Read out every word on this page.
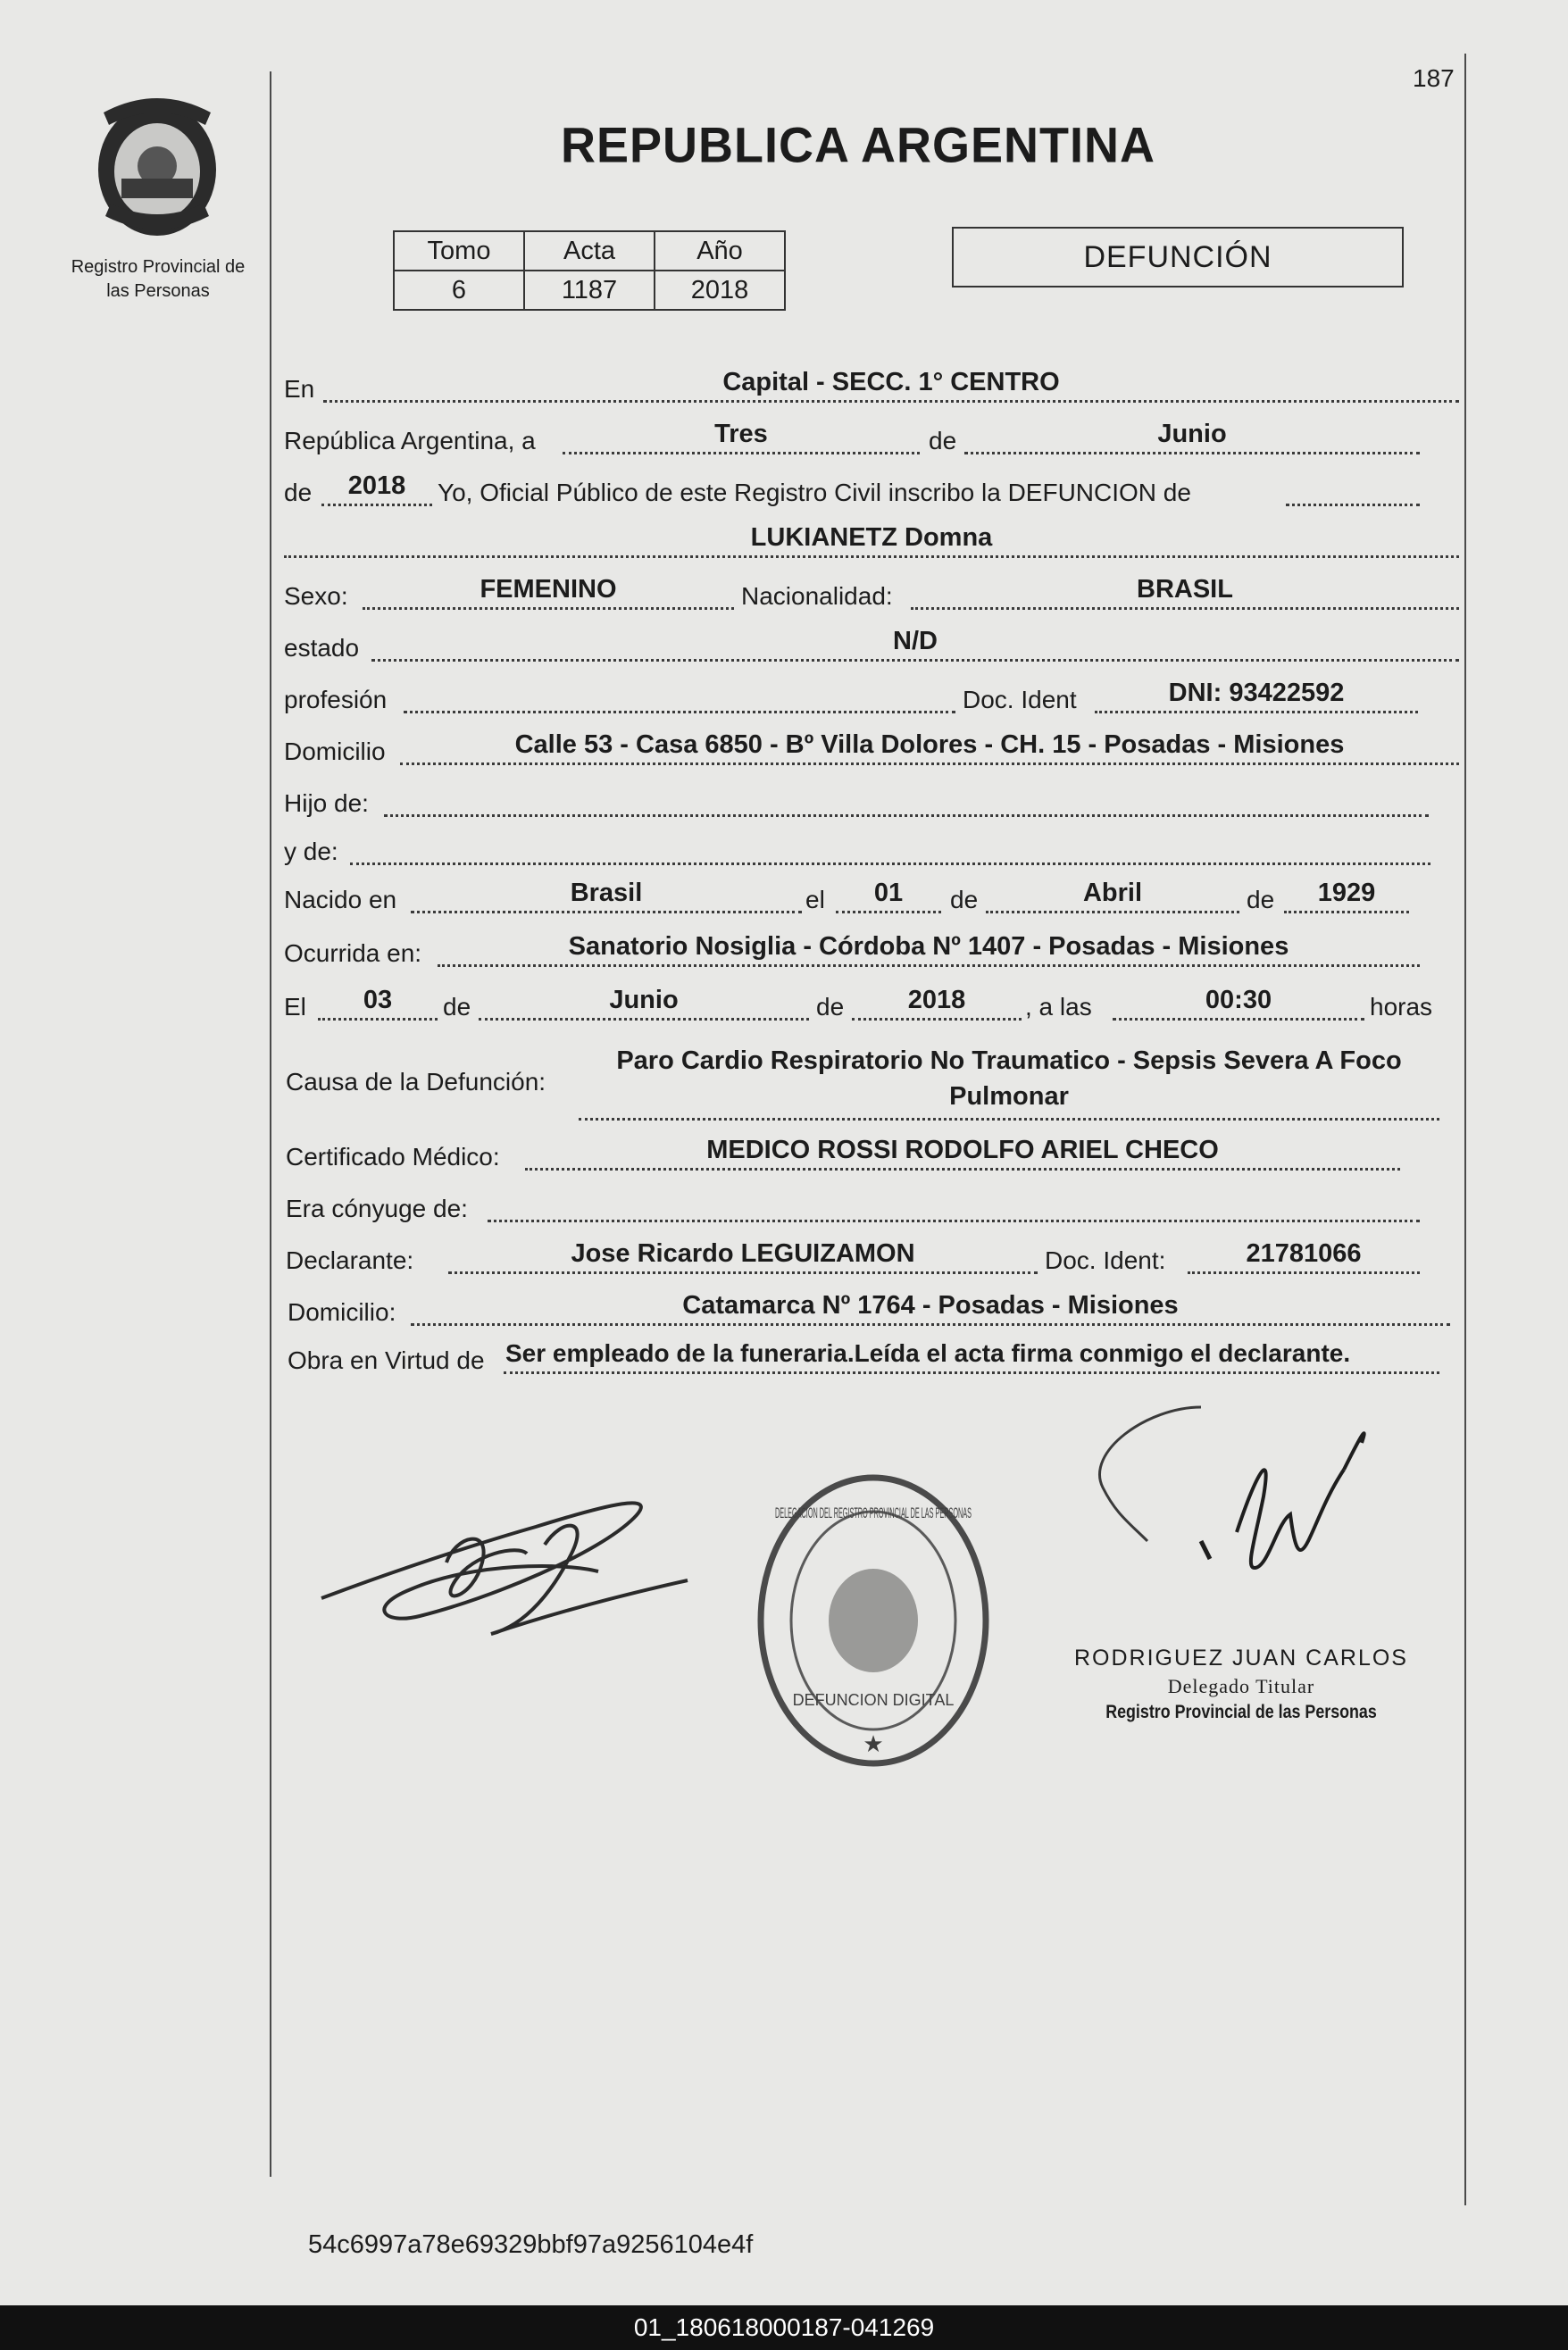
187
Registro Provincial de
las Personas
REPUBLICA ARGENTINA
Tomo	Acta	Año
6	1187	2018
DEFUNCIÓN
En	Capital - SECC. 1° CENTRO
República Argentina, a	Tres	de	Junio
de	2018	Yo, Oficial Público de este Registro Civil inscribo la DEFUNCION de
LUKIANETZ Domna
Sexo:	FEMENINO	Nacionalidad:	BRASIL
estado	N/D
profesión	Doc. Ident	DNI: 93422592
Domicilio	Calle 53 - Casa 6850 - Bº Villa Dolores - CH. 15 - Posadas - Misiones
Hijo de:
y de:
Nacido en	Brasil	el	01	de	Abril	de	1929
Ocurrida en:	Sanatorio Nosiglia - Córdoba Nº 1407 - Posadas - Misiones
El	03	de	Junio	de	2018	, a las	00:30	horas
Causa de la Defunción:
Paro Cardio Respiratorio No Traumatico - Sepsis Severa A Foco
Pulmonar
Certificado Médico:	MEDICO ROSSI RODOLFO ARIEL CHECO
Era cónyuge de:
Declarante:	Jose Ricardo LEGUIZAMON	Doc. Ident:	21781066
Domicilio:	Catamarca Nº 1764 - Posadas - Misiones
Obra en Virtud de Ser empleado de la funeraria.Leída el acta firma conmigo el declarante.
DELEGACION DEL REGISTRO PROVINCIAL DE LAS PERSONAS
DEFUNCION DIGITAL
★
RODRIGUEZ JUAN CARLOS
Delegado Titular
Registro Provincial de las Personas
54c6997a78e69329bbf97a9256104e4f
01_180618000187-041269
